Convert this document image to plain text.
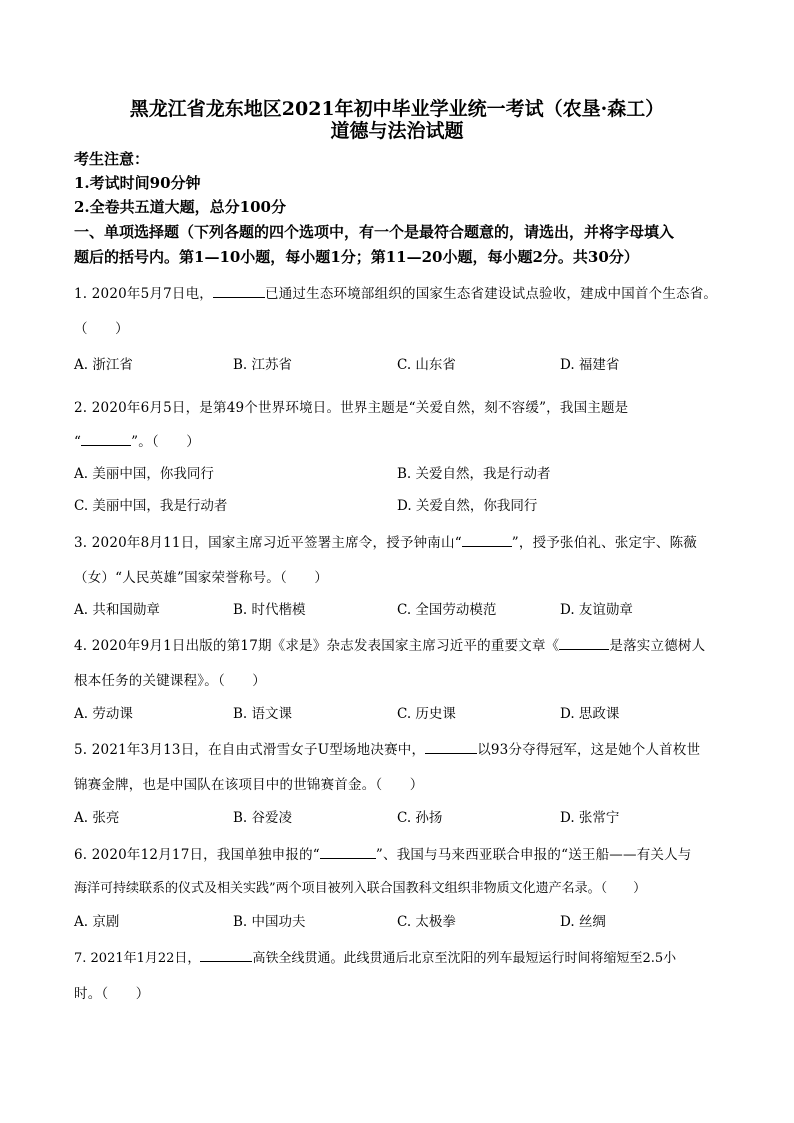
黑龙江省龙东地区2021年初中毕业学业统一考试（农垦·森工）
道德与法治试题
考生注意：
1.考试时间90分钟
2.全卷共五道大题，总分100分
一、单项选择题（下列各题的四个选项中，有一个是最符合题意的，请选出，并将字母填入
题后的括号内。第1—10小题，每小题1分；第11—20小题，每小题2分。共30分）
1. 2020年5月7日电，	已通过生态环境部组织的国家生态省建设试点验收，建成中国首个生态省。
（　　）
A. 浙江省	B. 江苏省	C. 山东省	D. 福建省
2. 2020年6月5日，是第49个世界环境日。世界主题是“关爱自然，刻不容缓”，我国主题是
“	”。（　　）
A. 美丽中国，你我同行	B. 关爱自然，我是行动者
C. 美丽中国，我是行动者	D. 关爱自然，你我同行
3. 2020年8月11日，国家主席习近平签署主席令，授予钟南山“	”，授予张伯礼、张定宇、陈薇
（女）“人民英雄”国家荣誉称号。（　　）
A. 共和国勋章	B. 时代楷模	C. 全国劳动模范	D. 友谊勋章
4. 2020年9月1日出版的第17期《求是》杂志发表国家主席习近平的重要文章《	是落实立德树人
根本任务的关键课程》。（　　）
A. 劳动课	B. 语文课	C. 历史课	D. 思政课
5. 2021年3月13日，在自由式滑雪女子U型场地决赛中，	以93分夺得冠军，这是她个人首枚世
锦赛金牌，也是中国队在该项目中的世锦赛首金。（　　）
A. 张亮	B. 谷爱凌	C. 孙扬	D. 张常宁
6. 2020年12月17日，我国单独申报的“	”、我国与马来西亚联合申报的“送王船——有关人与
海洋可持续联系的仪式及相关实践”两个项目被列入联合国教科文组织非物质文化遗产名录。（　　）
A. 京剧	B. 中国功夫	C. 太极拳	D. 丝绸
7. 2021年1月22日，	高铁全线贯通。此线贯通后北京至沈阳的列车最短运行时间将缩短至2.5小
时。（　　）
